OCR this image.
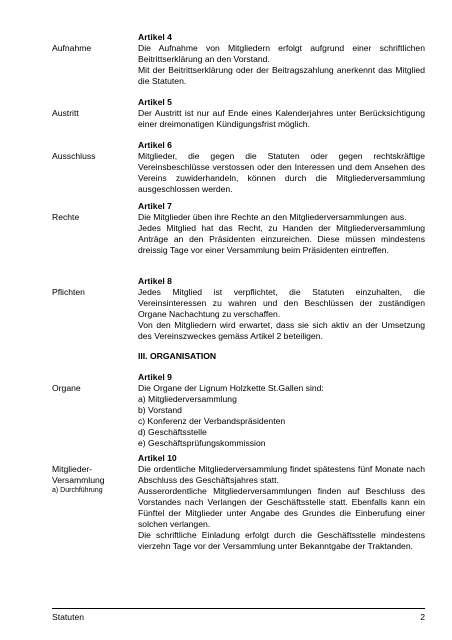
Aufnahme

Artikel 4

Die Aufnahme von Mitgliedern erfolgt aufgrund einer schriftlichen Beitrittserklärung an den Vorstand.

Mit der Beitrittserklärung oder der Beitragszahlung anerkennt das Mitglied die Statuten.

Austritt

Artikel 5

Der Austritt ist nur auf Ende eines Kalenderjahres unter Berücksichtigung einer dreimonatigen Kündigungsfrist möglich.

Ausschluss

Artikel 6

Mitglieder, die gegen die Statuten oder gegen rechtskräftige Vereinsbeschlüsse verstossen oder den Interessen und dem Ansehen des Vereins zuwiderhandeln, können durch die Mitgliederversammlung ausgeschlossen werden.

Rechte

Artikel 7

Die Mitglieder üben ihre Rechte an den Mitgliederversammlungen aus.

Jedes Mitglied hat das Recht, zu Handen der Mitgliederversammlung Anträge an den Präsidenten einzureichen. Diese müssen mindestens dreissig Tage vor einer Versammlung beim Präsidenten eintreffen.

Pflichten

Artikel 8

Jedes Mitglied ist verpflichtet, die Statuten einzuhalten, die Vereinsinteressen zu wahren und den Beschlüssen der zuständigen Organe Nachachtung zu verschaffen.

Von den Mitgliedern wird erwartet, dass sie sich aktiv an der Umsetzung des Vereinszweckes gemäss Artikel 2 beteiligen.

III. ORGANISATION
Organe

Artikel 9

Die Organe der Lignum Holzkette St.Gallen sind:

a) Mitgliederversammlung

b) Vorstand

c) Konferenz der Verbandspräsidenten

d) Geschäftsstelle

e) Geschäftsprüfungskommission

Mitglieder-
Versammlung
a) Durchführung

Artikel 10

Die ordentliche Mitgliederversammlung findet spätestens fünf Monate nach Abschluss des Geschäftsjahres statt.

Ausserordentliche Mitgliederversammlungen finden auf Beschluss des Vorstandes nach Verlangen der Geschäftsstelle statt. Ebenfalls kann ein Fünftel der Mitglieder unter Angabe des Grundes die Einberufung einer solchen verlangen.

Die schriftliche Einladung erfolgt durch die Geschäftsstelle mindestens vierzehn Tage vor der Versammlung unter Bekanntgabe der Traktanden.

Statuten	2
